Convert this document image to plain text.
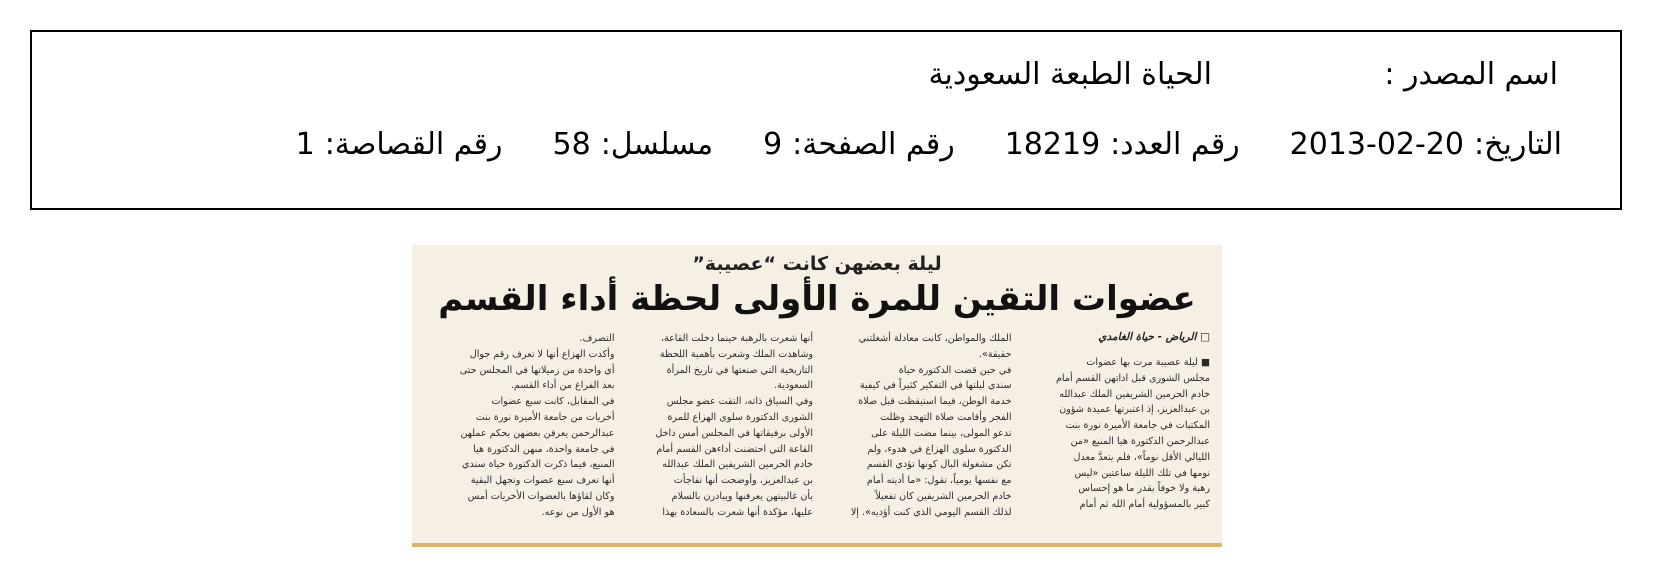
اسم المصدر :
الحياة الطبعة السعودية
التاريخ:
2013-02-20
رقم العدد:
18219
رقم الصفحة:
9
مسلسل:
58
رقم القصاصة:
1
ليلة بعضهن كانت “عصيبة”
عضوات التقين للمرة الأولى لحظة أداء القسم
□ الرياض - حياة الغامدي
■ ليلة عصيبة مرت بها عضوات
مجلس الشورى قبل اداتهن القسم أمام
خادم الحرمين الشريفين الملك عبدالله
بن عبدالعزيز، إذ اعتبرتها عميدة شؤون
المكتبات في جامعة الأميرة نورة بنت
عبدالرحمن الدكتورة هيا المنيع «من
الليالي الأقل نوماً»، فلم يتعدَّ معدل
نومها في تلك الليلة ساعتين «ليس
رهبة ولا خوفاً بقدر ما هو إحساس
كبير بالمسؤولية أمام الله ثم أمام
الملك والمواطن، كانت معادلة أشغلتني
حقيقة».
في حين قضت الدكتورة حياة
سندي ليلتها في التفكير كثيراً في كيفية
خدمة الوطن، فيما استيقظت قبل صلاة
الفجر وأقامت صلاة التهجد وظلت
تدعو المولى، بينما مضت الليلة على
الدكتورة سلوى الهزاع في هدوء، ولم
تكن مشغولة البال كونها تؤدي القسم
مع نفسها يومياً، تقول: «ما أديته أمام
خادم الحرمين الشريفين كان تفعيلاً
لذلك القسم اليومي الذي كنت أؤديه». إلا
أنها شعرت بالرهبة حينما دخلت القاعة،
وشاهدت الملك وشعرت بأهمية اللحظة
التاريخية التي صنعتها في تاريخ المرأة
السعودية.
وفي السياق ذاته، التقت عضو مجلس
الشورى الدكتورة سلوى الهزاع للمرة
الأولى برفيقاتها في المجلس أمس داخل
القاعة التي احتضنت أداءهن القسم أمام
خادم الحرمين الشريفين الملك عبدالله
بن عبدالعزيز، وأوضحت أنها تفاجأت
بأن غالبيتهن يعرفنها ويبادرن بالسلام
عليها، مؤكدة أنها شعرت بالسعادة بهذا
التصرف.
وأكدت الهزاع أنها لا تعرف رقم جوال
أي واحدة من زميلاتها في المجلس حتى
بعد الفراغ من أداء القسم.
في المقابل، كانت سبع عضوات
أخريات من جامعة الأميرة نورة بنت
عبدالرحمن يعرفن بعضهن بحكم عملهن
في جامعة واحدة، منهن الدكتورة هيا
المنيع، فيما ذكرت الدكتورة حياة سندي
أنها تعرف سبع عضوات وتجهل البقية
وكان لقاؤها بالعضوات الأخريات أمس
هو الأول من نوعه.
